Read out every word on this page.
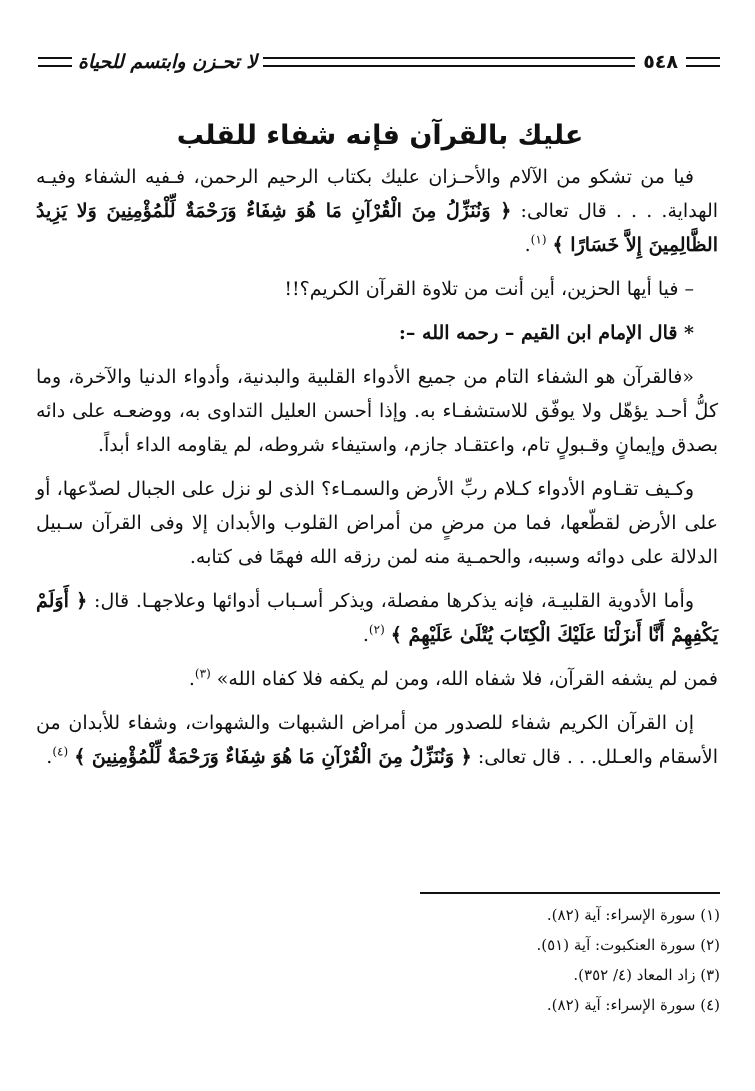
لا تحـزن وابتسم للحياة	٥٤٨
عليك بالقرآن فإنه شفاء للقلب

فيا من تشكو من الآلام والأحـزان عليك بكتاب الرحيم الرحمن، فـفيه الشفاء وفيـه الهداية. . . . قال تعالى: ﴿ وَنُنَزِّلُ مِنَ الْقُرْآنِ مَا هُوَ شِفَاءٌ وَرَحْمَةٌ لِّلْمُؤْمِنِينَ وَلا يَزِيدُ الظَّالِمِينَ إِلاَّ خَسَارًا ﴾ $^{(١)}$.

– فيا أيها الحزين، أين أنت من تلاوة القرآن الكريم؟!!

* قال الإمام ابن القيم – رحمه الله –:

«فالقرآن هو الشفاء التام من جميع الأدواء القلبية والبدنية، وأدواء الدنيا والآخرة، وما كلُّ أحـد يؤهّل ولا يوفّق للاستشفـاء به. وإذا أحسن العليل التداوى به، ووضعـه على دائه بصدق وإيمانٍ وقـبولٍ تام، واعتقـاد جازم، واستيفاء شروطه، لم يقاومه الداء أبداً.

وكـيف تقـاوم الأدواء كـلام ربِّ الأرض والسمـاء؟ الذى لو نزل على الجبال لصدّعها، أو على الأرض لقطّعها، فما من مرضٍ من أمراض القلوب والأبدان إلا وفى القرآن سـبيل الدلالة على دوائه وسببه، والحمـية منه لمن رزقه الله فهمًا فى كتابه.

وأما الأدوية القلبيـة، فإنه يذكرها مفصلة، ويذكر أسـباب أدوائها وعلاجهـا. قال: ﴿ أَوَلَمْ يَكْفِهِمْ أَنَّا أَنزَلْنَا عَلَيْكَ الْكِتَابَ يُتْلَىٰ عَلَيْهِمْ ﴾ $^{(٢)}$.

فمن لم يشفه القرآن، فلا شفاه الله، ومن لم يكفه فلا كفاه الله» $^{(٣)}$.

إن القرآن الكريم شفاء للصدور من أمراض الشبهات والشهوات، وشفاء للأبدان من الأسقام والعـلل. . . قال تعالى: ﴿ وَنُنَزِّلُ مِنَ الْقُرْآنِ مَا هُوَ شِفَاءٌ وَرَحْمَةٌ لِّلْمُؤْمِنِينَ ﴾ $^{(٤)}$.

(١) سورة الإسراء: آية (٨٢).
(٢) سورة العنكبوت: آية (٥١).
(٣) زاد المعاد (٤/ ٣٥٢).
(٤) سورة الإسراء: آية (٨٢).
